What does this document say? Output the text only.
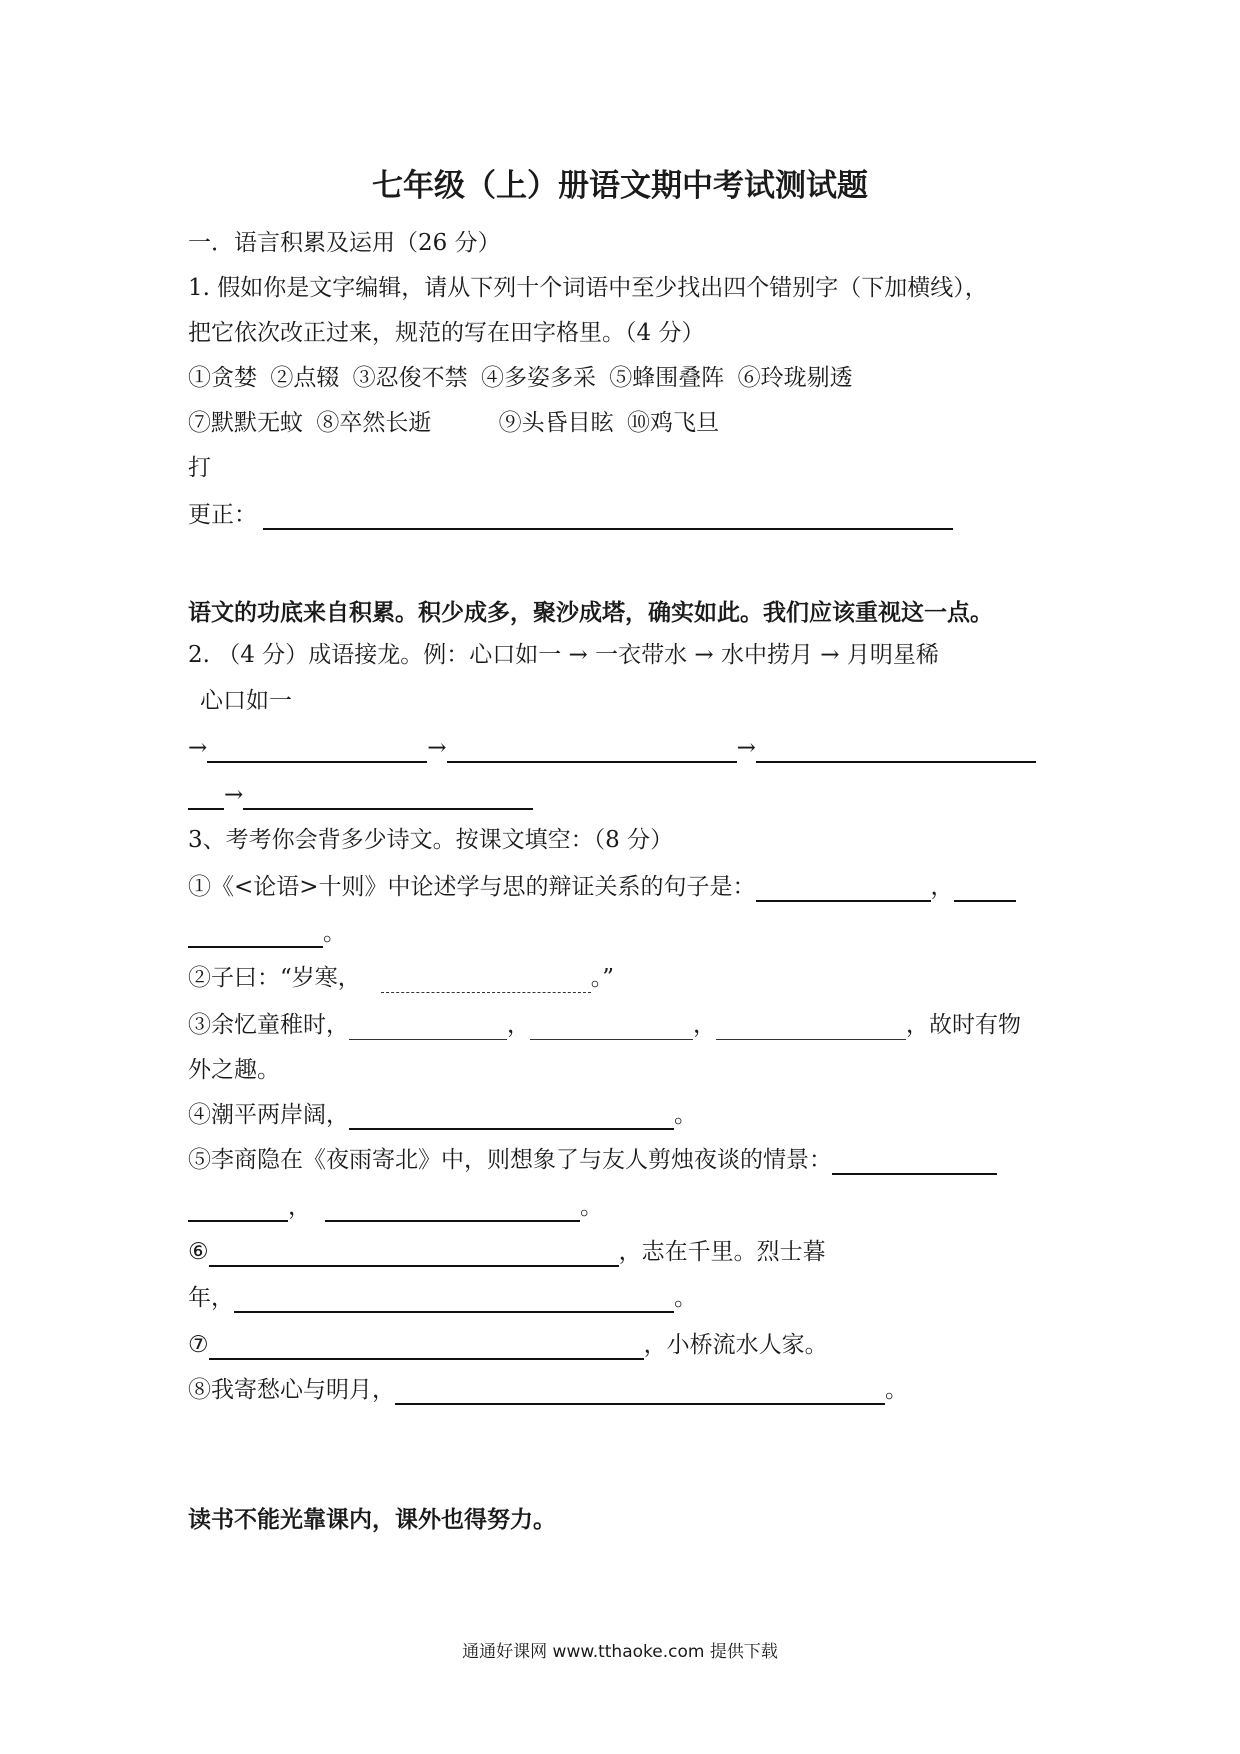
七年级（上）册语文期中考试测试题
一．语言积累及运用（26 分）
1. 假如你是文字编辑，请从下列十个词语中至少找出四个错别字（下加横线），
把它依次改正过来，规范的写在田字格里。（4 分）
①贪婪 ②点辍 ③忍俊不禁 ④多姿多采 ⑤蜂围叠阵 ⑥玲珑剔透
⑦默默无蚊 ⑧卒然长逝	⑨头昏目眩 ⑩鸡飞旦
打
更正：
语文的功底来自积累。积少成多，聚沙成塔，确实如此。我们应该重视这一点。
2. （4 分）成语接龙。例：心口如一 → 一衣带水 → 水中捞月 → 月明星稀
心口如一
→	→	→
→
3、考考你会背多少诗文。按课文填空：（8 分）
①《<论语>十则》中论述学与思的辩证关系的句子是：	，
。
②子曰：“岁寒，	。”
③余忆童稚时，	，	，	，故时有物
外之趣。
④潮平两岸阔，	。
⑤李商隐在《夜雨寄北》中，则想象了与友人剪烛夜谈的情景：
，	。
⑥	，志在千里。烈士暮
年，	。
⑦	，小桥流水人家。
⑧我寄愁心与明月，	。
读书不能光靠课内，课外也得努力。
通通好课网 www.tthaoke.com 提供下载
